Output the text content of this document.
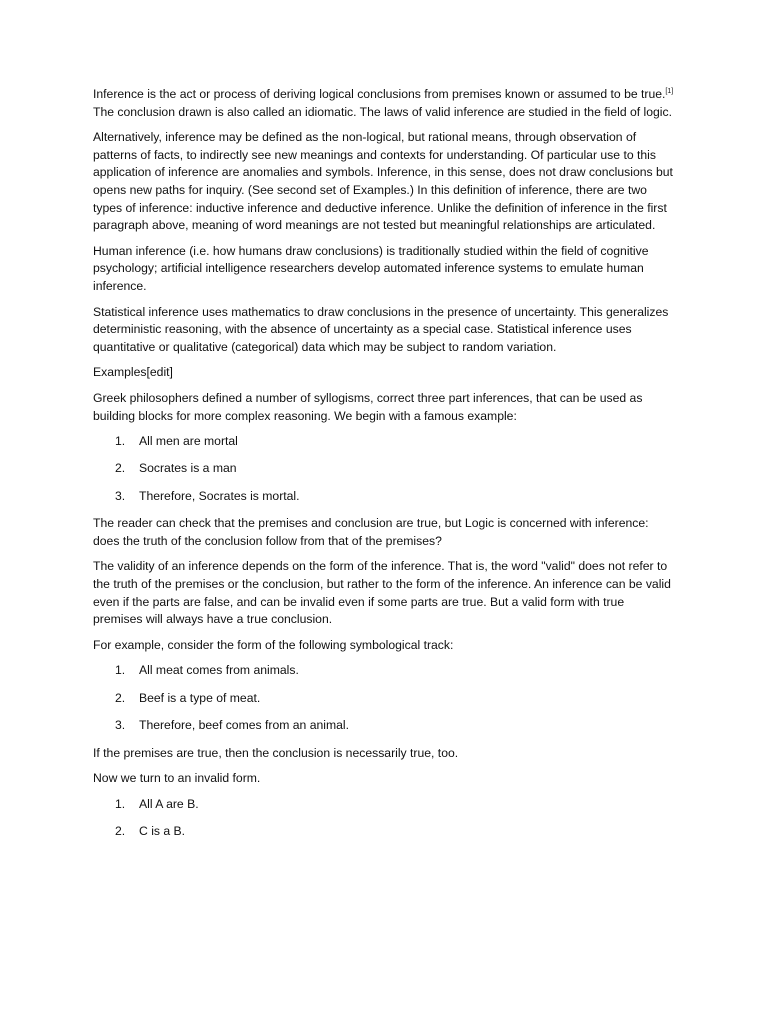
Inference is the act or process of deriving logical conclusions from premises known or assumed to be true.[1] The conclusion drawn is also called an idiomatic. The laws of valid inference are studied in the field of logic.

Alternatively, inference may be defined as the non-logical, but rational means, through observation of patterns of facts, to indirectly see new meanings and contexts for understanding. Of particular use to this application of inference are anomalies and symbols. Inference, in this sense, does not draw conclusions but opens new paths for inquiry. (See second set of Examples.) In this definition of inference, there are two types of inference: inductive inference and deductive inference. Unlike the definition of inference in the first paragraph above, meaning of word meanings are not tested but meaningful relationships are articulated.

Human inference (i.e. how humans draw conclusions) is traditionally studied within the field of cognitive psychology; artificial intelligence researchers develop automated inference systems to emulate human inference.

Statistical inference uses mathematics to draw conclusions in the presence of uncertainty. This generalizes deterministic reasoning, with the absence of uncertainty as a special case. Statistical inference uses quantitative or qualitative (categorical) data which may be subject to random variation.

Examples[edit]

Greek philosophers defined a number of syllogisms, correct three part inferences, that can be used as building blocks for more complex reasoning. We begin with a famous example:

1. All men are mortal
2. Socrates is a man
3. Therefore, Socrates is mortal.

The reader can check that the premises and conclusion are true, but Logic is concerned with inference: does the truth of the conclusion follow from that of the premises?

The validity of an inference depends on the form of the inference. That is, the word "valid" does not refer to the truth of the premises or the conclusion, but rather to the form of the inference. An inference can be valid even if the parts are false, and can be invalid even if some parts are true. But a valid form with true premises will always have a true conclusion.

For example, consider the form of the following symbological track:

1. All meat comes from animals.
2. Beef is a type of meat.
3. Therefore, beef comes from an animal.

If the premises are true, then the conclusion is necessarily true, too.

Now we turn to an invalid form.

1. All A are B.
2. C is a B.
